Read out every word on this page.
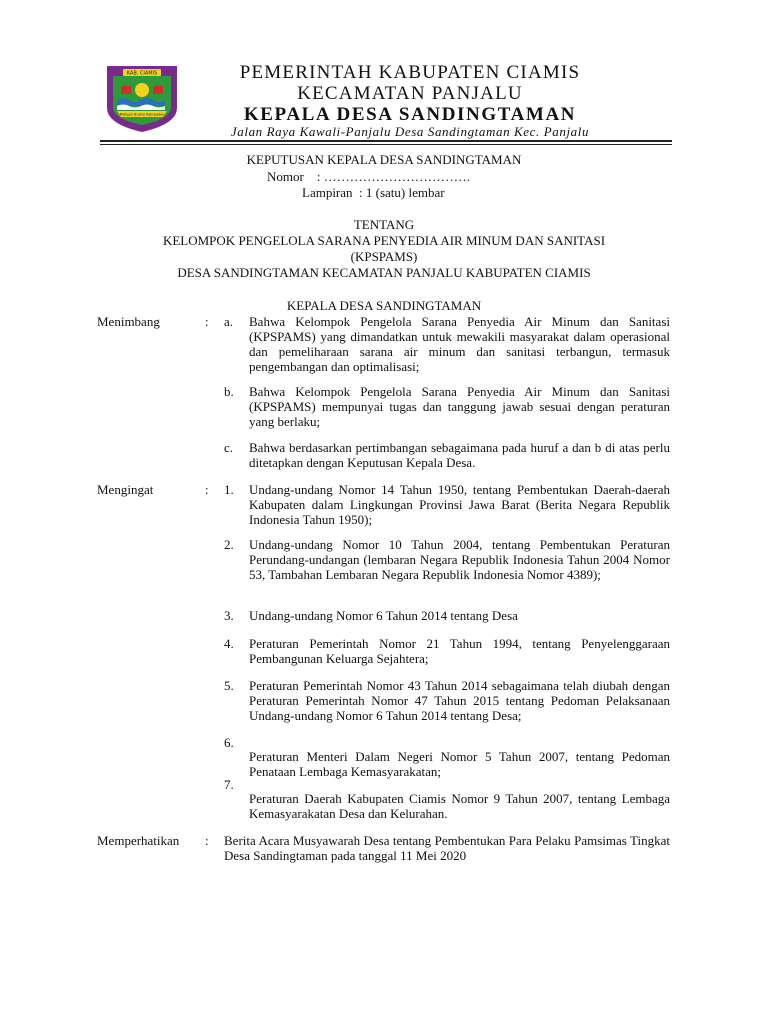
KAB. CIAMIS
Mahayu Buana Kabupaten
PEMERINTAH KABUPATEN CIAMIS
KECAMATAN PANJALU
KEPALA DESA SANDINGTAMAN
Jalan Raya Kawali-Panjalu Desa Sandingtaman Kec. Panjalu
KEPUTUSAN KEPALA DESA SANDINGTAMAN
Nomor    : …………………………….
Lampiran  : 1 (satu) lembar
TENTANG
KELOMPOK PENGELOLA SARANA PENYEDIA AIR MINUM DAN SANITASI
(KPSPAMS)
DESA SANDINGTAMAN KECAMATAN PANJALU KABUPATEN CIAMIS
KEPALA DESA SANDINGTAMAN
Menimbang	: a. Bahwa Kelompok Pengelola Sarana Penyedia Air Minum dan Sanitasi (KPSPAMS) yang dimandatkan untuk mewakili masyarakat dalam operasional dan pemeliharaan sarana air minum dan sanitasi terbangun, termasuk pengembangan dan optimalisasi;
b. Bahwa Kelompok Pengelola Sarana Penyedia Air Minum dan Sanitasi (KPSPAMS) mempunyai tugas dan tanggung jawab sesuai dengan peraturan yang berlaku;
c. Bahwa berdasarkan pertimbangan sebagaimana pada huruf a dan b di atas perlu ditetapkan dengan Keputusan Kepala Desa.
Mengingat	: 1. Undang-undang Nomor 14 Tahun 1950, tentang Pembentukan Daerah-daerah Kabupaten dalam Lingkungan Provinsi Jawa Barat (Berita Negara Republik Indonesia Tahun 1950);
2. Undang-undang Nomor 10 Tahun 2004, tentang Pembentukan Peraturan Perundang-undangan (lembaran Negara Republik Indonesia Tahun 2004 Nomor 53, Tambahan Lembaran Negara Republik Indonesia Nomor 4389);
3. Undang-undang Nomor 6 Tahun 2014 tentang Desa
4. Peraturan Pemerintah Nomor 21 Tahun 1994, tentang Penyelenggaraan Pembangunan Keluarga Sejahtera;
5. Peraturan Pemerintah Nomor 43 Tahun 2014 sebagaimana telah diubah dengan Peraturan Pemerintah Nomor 47 Tahun 2015 tentang Pedoman Pelaksanaan Undang-undang Nomor 6 Tahun 2014 tentang Desa;
6.
Peraturan Menteri Dalam Negeri Nomor 5 Tahun 2007, tentang Pedoman Penataan Lembaga Kemasyarakatan;
7.
Peraturan Daerah Kabupaten Ciamis Nomor 9 Tahun 2007, tentang Lembaga Kemasyarakatan Desa dan Kelurahan.
Memperhatikan : Berita Acara Musyawarah Desa tentang Pembentukan Para Pelaku Pamsimas Tingkat Desa Sandingtaman pada tanggal 11 Mei 2020
